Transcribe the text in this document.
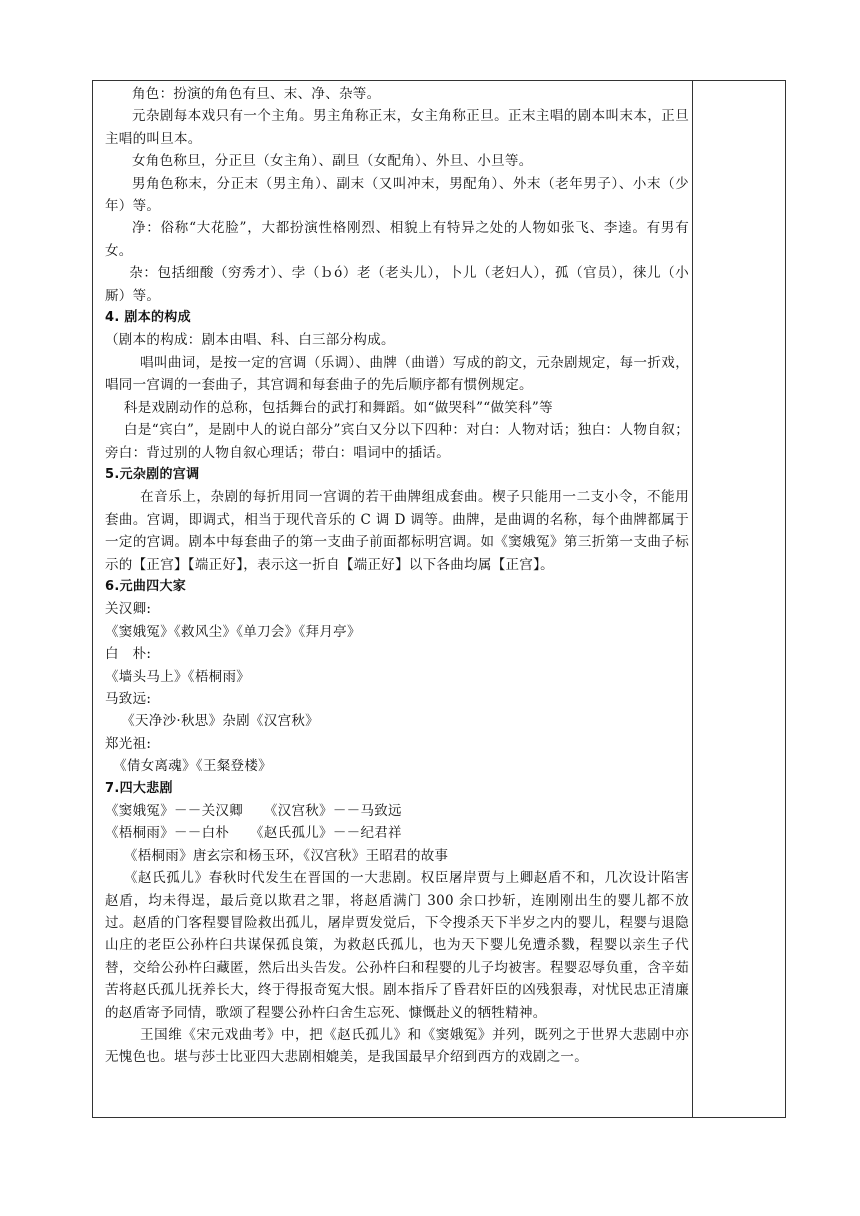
角色：扮演的角色有旦、末、净、杂等。

元杂剧每本戏只有一个主角。男主角称正末，女主角称正旦。正末主唱的剧本叫末本，正旦主唱的叫旦本。

女角色称旦，分正旦（女主角）、副旦（女配角）、外旦、小旦等。

男角色称末，分正末（男主角）、副末（又叫冲末，男配角）、外末（老年男子）、小末（少年）等。

净：俗称“大花脸”，大都扮演性格刚烈、相貌上有特异之处的人物如张飞、李逵。有男有女。

杂：包括细酸（穷秀才）、孛（ｂó）老（老头儿），卜儿（老妇人），孤（官员），徕儿（小厮）等。

4. 剧本的构成

（剧本的构成：剧本由唱、科、白三部分构成。

唱叫曲词，是按一定的宫调（乐调）、曲牌（曲谱）写成的韵文，元杂剧规定，每一折戏，唱同一宫调的一套曲子，其宫调和每套曲子的先后顺序都有惯例规定。

科是戏剧动作的总称，包括舞台的武打和舞蹈。如“做哭科”“做笑科”等

白是“宾白”，是剧中人的说白部分”宾白又分以下四种：对白：人物对话；独白：人物自叙；旁白：背过别的人物自叙心理话；带白：唱词中的插话。

5.元杂剧的宫调

在音乐上，杂剧的每折用同一宫调的若干曲牌组成套曲。楔子只能用一二支小令，不能用套曲。宫调，即调式，相当于现代音乐的 C 调 D 调等。曲牌，是曲调的名称，每个曲牌都属于一定的宫调。剧本中每套曲子的第一支曲子前面都标明宫调。如《窦娥冤》第三折第一支曲子标示的【正宫】【端正好】，表示这一折自【端正好】以下各曲均属【正宫】。

6.元曲四大家

关汉卿:

《窦娥冤》《救风尘》《单刀会》《拜月亭》

白　朴:

《墙头马上》《梧桐雨》

马致远:

《天净沙·秋思》杂剧《汉宫秋》

郑光祖:

《倩女离魂》《王粲登楼》

7.四大悲剧

《窦娥冤》－－关汉卿　　《汉宫秋》－－马致远

《梧桐雨》－－白朴　　《赵氏孤儿》－－纪君祥

《梧桐雨》唐玄宗和杨玉环，《汉宫秋》王昭君的故事

《赵氏孤儿》春秋时代发生在晋国的一大悲剧。权臣屠岸贾与上卿赵盾不和，几次设计陷害赵盾，均未得逞，最后竟以欺君之罪，将赵盾满门 300 余口抄斩，连刚刚出生的婴儿都不放过。赵盾的门客程婴冒险救出孤儿，屠岸贾发觉后，下令搜杀天下半岁之内的婴儿，程婴与退隐山庄的老臣公孙杵臼共谋保孤良策，为救赵氏孤儿，也为天下婴儿免遭杀戮，程婴以亲生子代替，交给公孙杵臼藏匿，然后出头告发。公孙杵臼和程婴的儿子均被害。程婴忍辱负重，含辛茹苦将赵氏孤儿抚养长大，终于得报奇冤大恨。剧本指斥了昏君奸臣的凶残狠毒，对忧民忠正清廉的赵盾寄予同情，歌颂了程婴公孙杵臼舍生忘死、慷慨赴义的牺牲精神。

王国维《宋元戏曲考》中，把《赵氏孤儿》和《窦娥冤》并列，既列之于世界大悲剧中亦无愧色也。堪与莎士比亚四大悲剧相媲美，是我国最早介绍到西方的戏剧之一。
